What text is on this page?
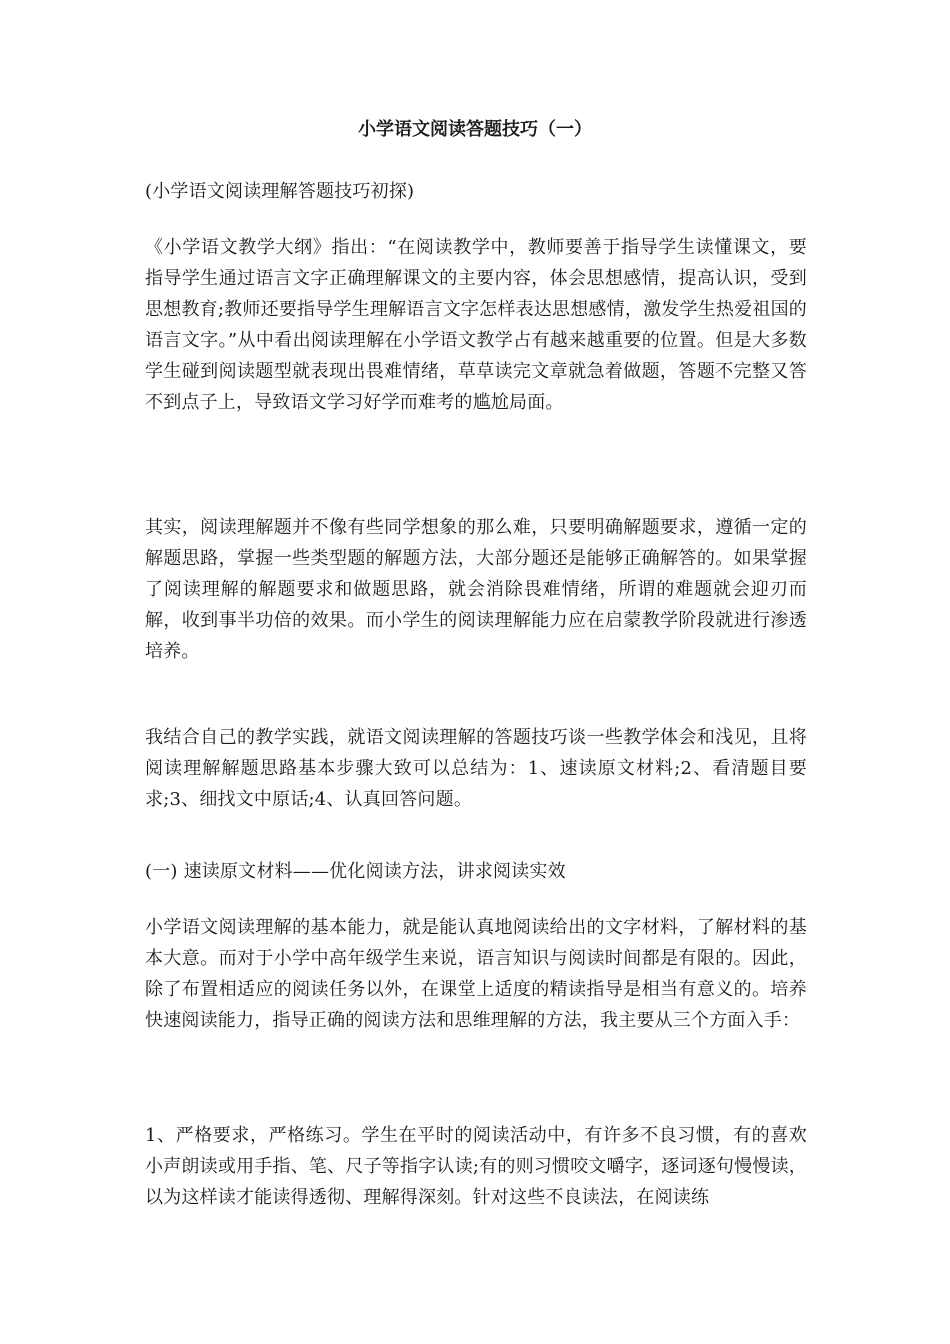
小学语文阅读答题技巧（一）

(小学语文阅读理解答题技巧初探)

《小学语文教学大纲》指出：“在阅读教学中，教师要善于指导学生读懂课文，要指导学生通过语言文字正确理解课文的主要内容，体会思想感情，提高认识，受到思想教育;教师还要指导学生理解语言文字怎样表达思想感情，激发学生热爱祖国的语言文字。”从中看出阅读理解在小学语文教学占有越来越重要的位置。但是大多数学生碰到阅读题型就表现出畏难情绪，草草读完文章就急着做题，答题不完整又答不到点子上，导致语文学习好学而难考的尴尬局面。

其实，阅读理解题并不像有些同学想象的那么难，只要明确解题要求，遵循一定的解题思路，掌握一些类型题的解题方法，大部分题还是能够正确解答的。如果掌握了阅读理解的解题要求和做题思路，就会消除畏难情绪，所谓的难题就会迎刃而解，收到事半功倍的效果。而小学生的阅读理解能力应在启蒙教学阶段就进行渗透培养。

我结合自己的教学实践，就语文阅读理解的答题技巧谈一些教学体会和浅见，且将阅读理解解题思路基本步骤大致可以总结为：1、速读原文材料;2、看清题目要求;3、细找文中原话;4、认真回答问题。

(一) 速读原文材料——优化阅读方法，讲求阅读实效

小学语文阅读理解的基本能力，就是能认真地阅读给出的文字材料，了解材料的基本大意。而对于小学中高年级学生来说，语言知识与阅读时间都是有限的。因此，除了布置相适应的阅读任务以外，在课堂上适度的精读指导是相当有意义的。培养快速阅读能力，指导正确的阅读方法和思维理解的方法，我主要从三个方面入手：

1、严格要求，严格练习。学生在平时的阅读活动中，有许多不良习惯，有的喜欢小声朗读或用手指、笔、尺子等指字认读;有的则习惯咬文嚼字，逐词逐句慢慢读，以为这样读才能读得透彻、理解得深刻。针对这些不良读法，在阅读练
